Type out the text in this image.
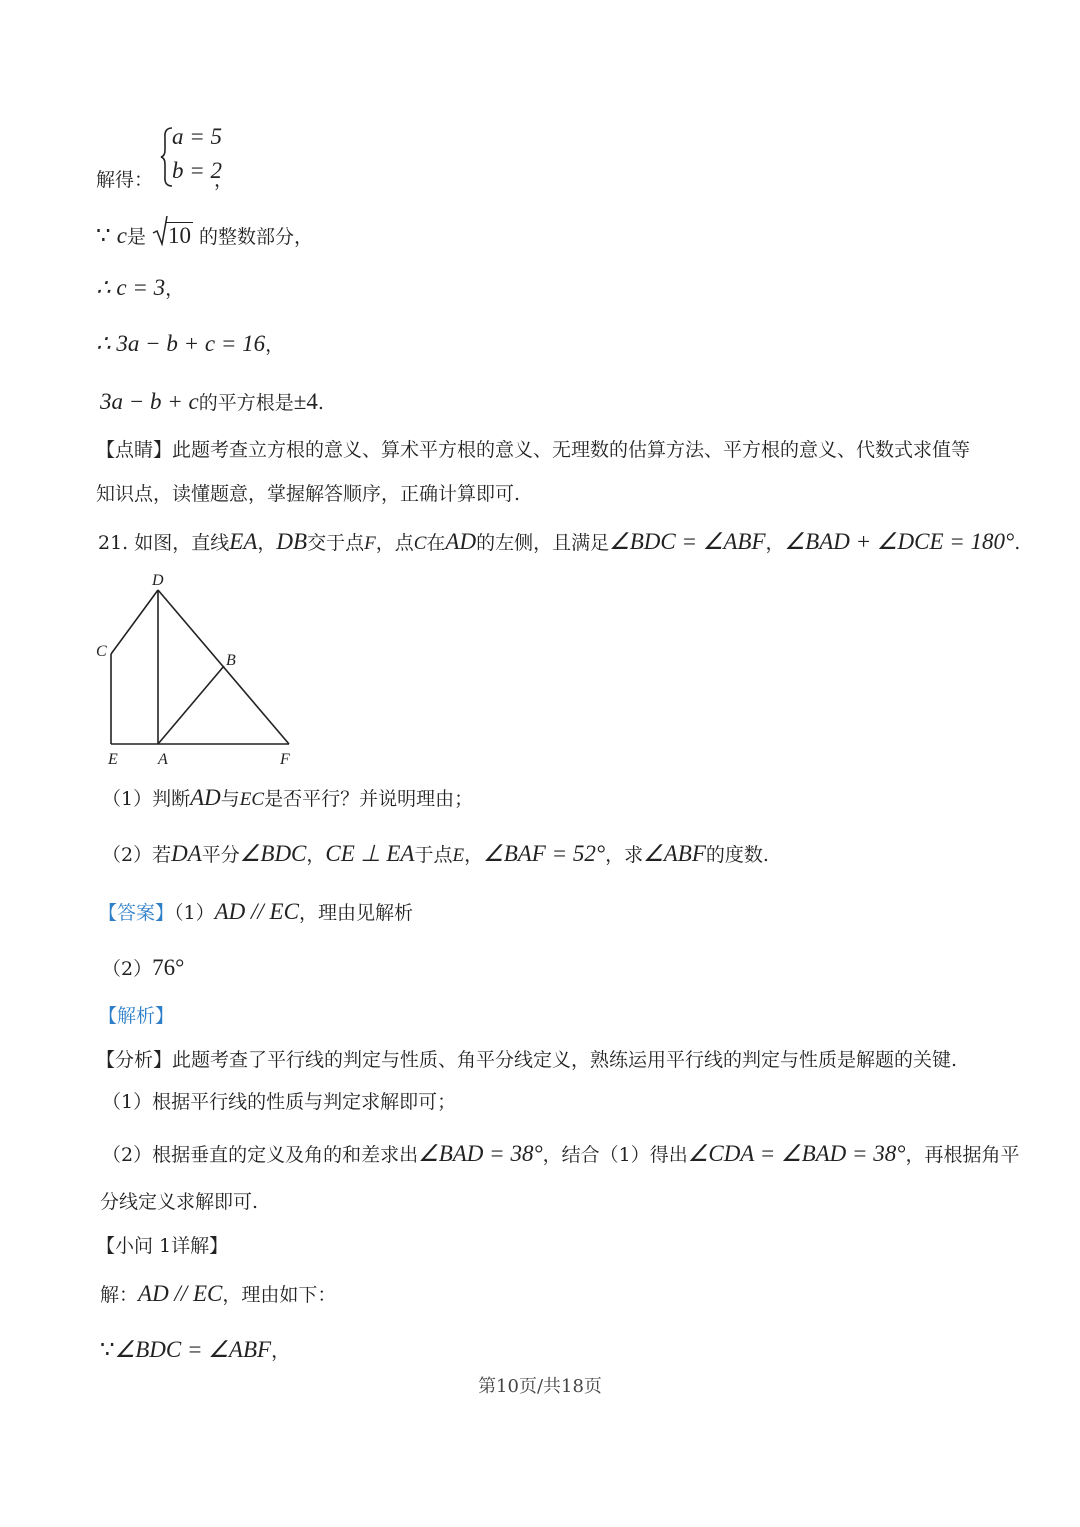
a = 5
b = 2
解得：	，
∵ c是 10 的整数部分，
∴ c = 3，
∴ 3a − b + c = 16，
3a − b + c的平方根是±4.
【点睛】此题考查立方根的意义、算术平方根的意义、无理数的估算方法、平方根的意义、代数式求值等
知识点，读懂题意，掌握解答顺序，正确计算即可.
21. 如图，直线EA，DB交于点F，点C在AD的左侧，且满足∠BDC = ∠ABF，∠BAD + ∠DCE = 180°.
D
C
B
E	A	F
（1）判断AD与EC是否平行？并说明理由；
（2）若DA平分∠BDC，CE ⊥ EA于点E，∠BAF = 52°，求∠ABF的度数.
【答案】（1）AD // EC，理由见解析
（2）76°
【解析】
【分析】此题考查了平行线的判定与性质、角平分线定义，熟练运用平行线的判定与性质是解题的关键.
（1）根据平行线的性质与判定求解即可；
（2）根据垂直的定义及角的和差求出∠BAD = 38°，结合（1）得出∠CDA = ∠BAD = 38°，再根据角平
分线定义求解即可.
【小问 1详解】
解：AD // EC，理由如下：
∵∠BDC = ∠ABF，
第10页/共18页
